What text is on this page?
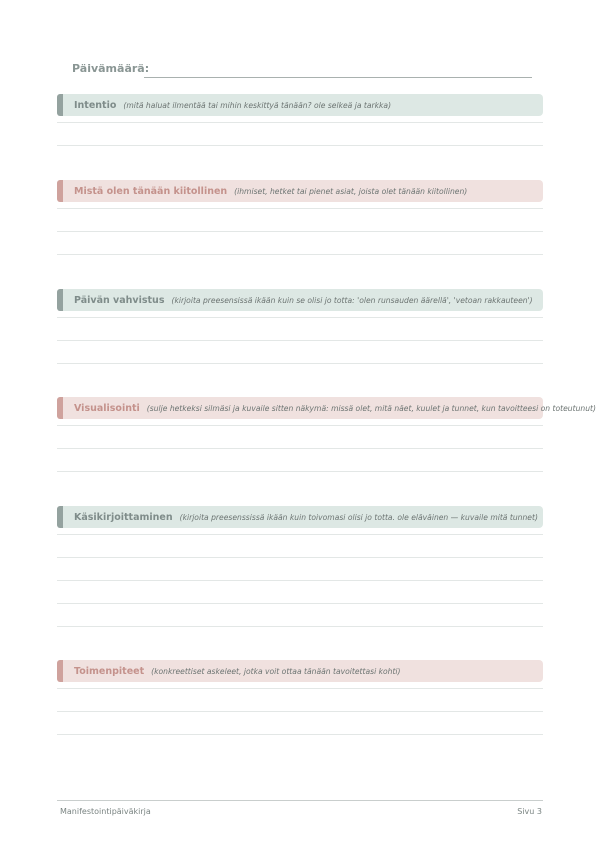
Päivämäärä:
Intentio (mitä haluat ilmentää tai mihin keskittyä tänään? ole selkeä ja tarkka)
Mistä olen tänään kiitollinen (ihmiset, hetket tai pienet asiat, joista olet tänään kiitollinen)
Päivän vahvistus (kirjoita preesensissä ikään kuin se olisi jo totta: 'olen runsauden äärellä', 'vetoan rakkauteen')
Visualisointi (sulje hetkeksi silmäsi ja kuvaile sitten näkymä: missä olet, mitä näet, kuulet ja tunnet, kun tavoitteesi on toteutunut)
Käsikirjoittaminen (kirjoita preesenssissä ikään kuin toivomasi olisi jo totta. ole eläväinen — kuvaile mitä tunnet)
Toimenpiteet (konkreettiset askeleet, jotka voit ottaa tänään tavoitettasi kohti)
Manifestointipäiväkirja	Sivu 3
